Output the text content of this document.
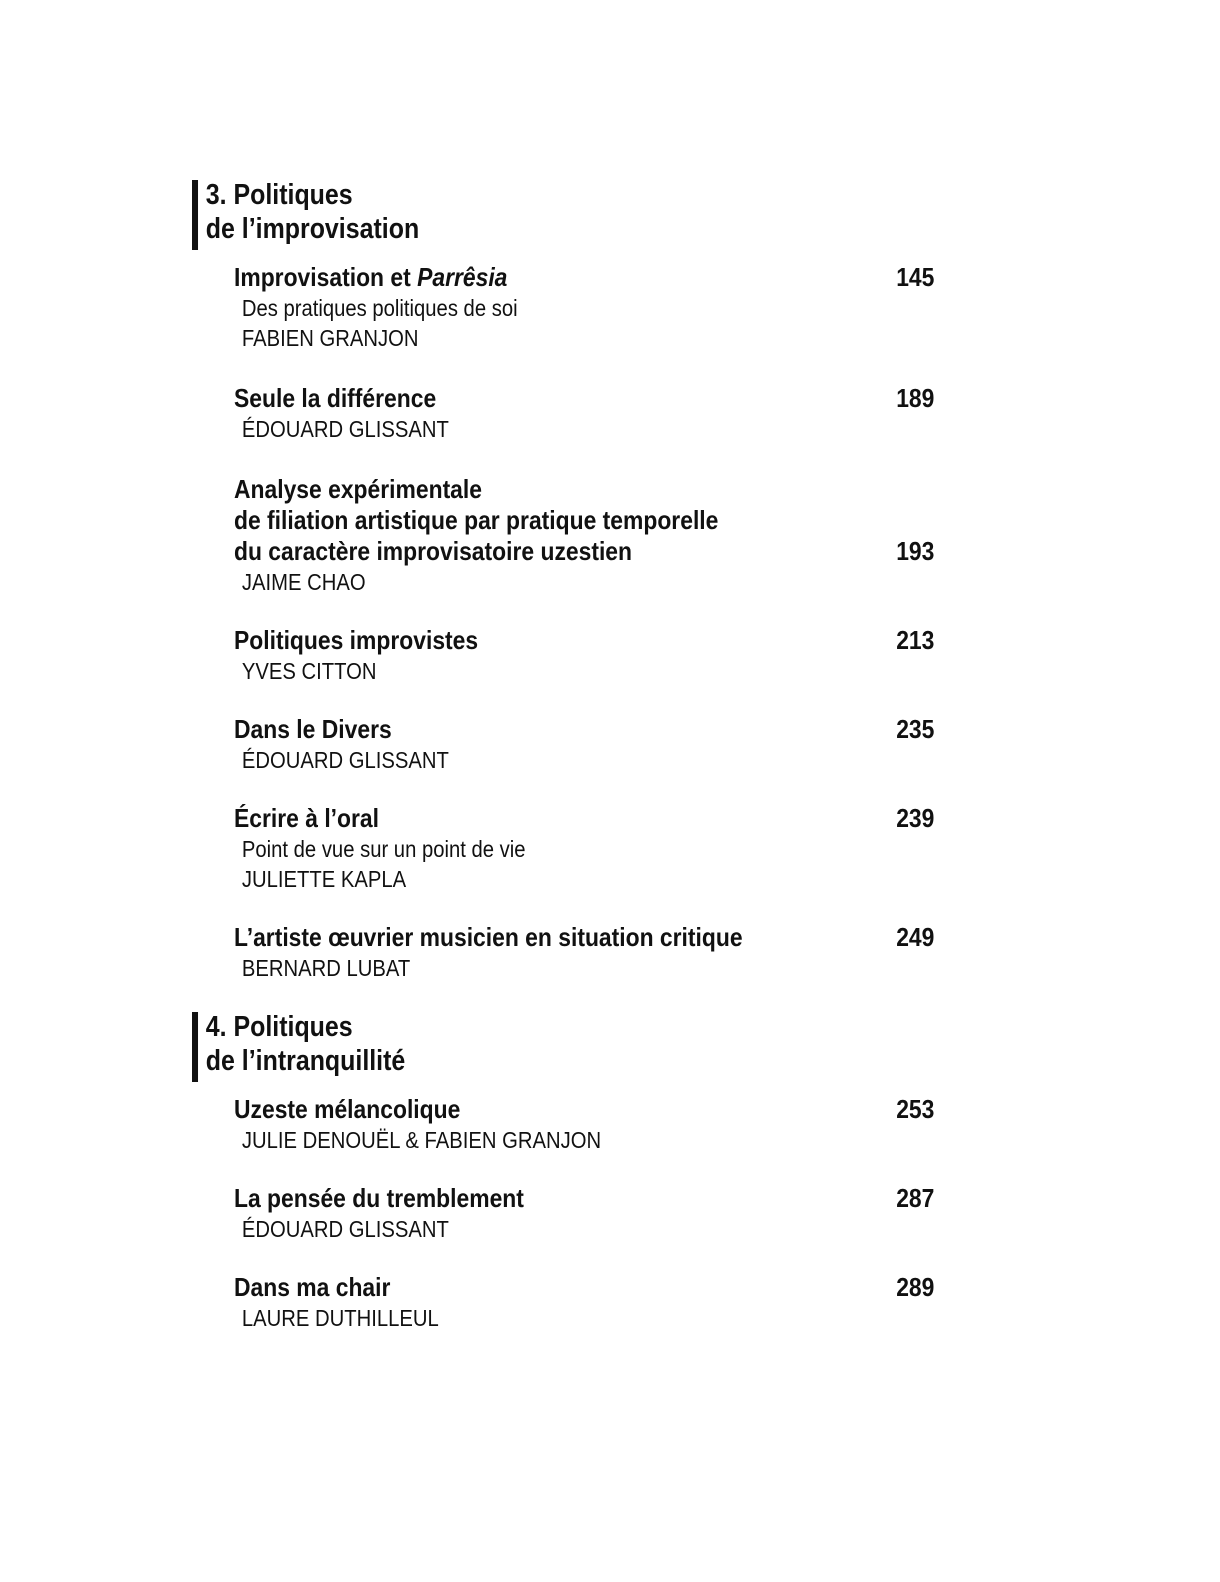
3. Politiques
de l’improvisation
145
Improvisation et Parrêsia
Des pratiques politiques de soi
FABIEN GRANJON
189
Seule la différence
ÉDOUARD GLISSANT
193
Analyse expérimentale
de filiation artistique par pratique temporelle
du caractère improvisatoire uzestien
JAIME CHAO
213
Politiques improvistes
YVES CITTON
235
Dans le Divers
ÉDOUARD GLISSANT
239
Écrire à l’oral
Point de vue sur un point de vie
JULIETTE KAPLA
249
L’artiste œuvrier musicien en situation critique
BERNARD LUBAT
4. Politiques
de l’intranquillité
253
Uzeste mélancolique
JULIE DENOUËL & FABIEN GRANJON
287
La pensée du tremblement
ÉDOUARD GLISSANT
289
Dans ma chair
LAURE DUTHILLEUL
